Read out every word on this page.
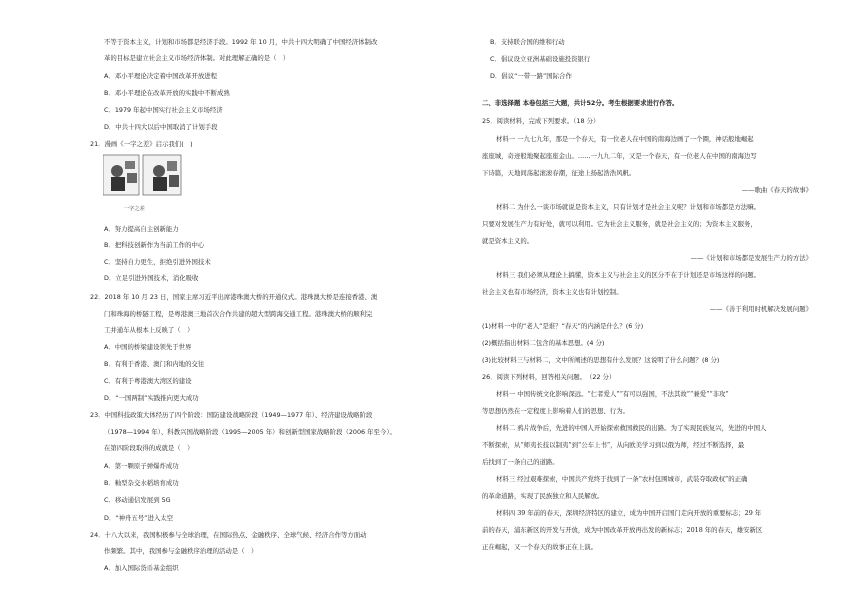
不等于资本主义，计划和市场都是经济手段。1992 年 10 月，中共十四大明确了中国经济体制改
革的目标是建立社会主义市场经济体制。对此理解正确的是（　）
A．邓小平理论决定着中国改革开放进程
B．邓小平理论在改革开放的实践中不断成熟
C．1979 年起中国实行社会主义市场经济
D．中共十四大以后中国取消了计划手段
21．漫画《一字之差》启示我们(　)
一字之差
A．努力提高自主创新能力
B．把科技创新作为当前工作的中心
C．坚持自力更生，拒绝引进外国技术
D．立足引进外国技术，消化吸收
22．2018 年 10 月 23 日，国家主席习近平出席港珠澳大桥的开通仪式。港珠澳大桥是连接香港、澳
门和珠海的桥隧工程，是粤港澳三地首次合作共建的超大型跨海交通工程。港珠澳大桥的顺利完
工并通车从根本上反映了（　）
A．中国的桥梁建设领先于世界
B．有利于香港、澳门和内地的交往
C．有利于粤港澳大湾区的建设
D．“一国两制”实践推向更大成功
23．中国科技政策大体经历了四个阶段：国防建设战略阶段（1949—1977 年）、经济建设战略阶段
（1978—1994 年）、科教兴国战略阶段（1995—2005 年）和创新型国家战略阶段（2006 年至今）。
在第四阶段取得的成就是（　）
A．第一颗原子弹爆炸成功
B．籼型杂交水稻培育成功
C．移动通信发展到 5G
D．“神舟五号”进入太空
24．十八大以来，我国积极参与全球治理，在国际热点、金融秩序、全球气候、经济合作等方面动
作频繁。其中，我国参与金融秩序治理的活动是（　）
A．加入国际货币基金组织
B．支持联合国的维和行动
C．倡议设立亚洲基础设施投资银行
D．倡议“一带一路”国际合作
二、非选择题 本卷包括三大题，共计52分。考生根据要求进行作答。
25．阅读材料，完成下列要求。（18 分）
材料一 一九七九年，那是一个春天，有一位老人在中国的南海边画了一个圈，神话般地崛起
座座城，奇迹般地聚起座座金山。……一九九二年，又是一个春天，有一位老人在中国的南海边写
下诗篇，天地间荡起滚滚春潮，征途上扬起浩浩风帆。
——歌曲《春天的故事》
材料二 为什么一谈市场就说是资本主义，只有计划才是社会主义呢？计划和市场都是方法嘛。
只要对发展生产力有好处，就可以利用。它为社会主义服务，就是社会主义的；为资本主义服务，
就是资本主义的。
——《计划和市场都是发展生产力的方法》
材料三 我们必须从理论上搞懂，资本主义与社会主义的区分不在于计划还是市场这样的问题。
社会主义也有市场经济，资本主义也有计划控制。
——《善于利用时机解决发展问题》
(1)材料一中的“老人”是谁？“春天”的内涵是什么？(6 分)
(2)概括指出材料二包含的基本思想。(4 分)
(3)比较材料三与材料二，文中所阐述的思想有什么发展？这说明了什么问题？(8 分)
26．阅读下列材料，回答相关问题。　（22 分）
材料一 中国传统文化影响深远。“仁者爱人”“有可以强国，不法其故”“兼爱”“非攻”
等思想仍然在一定程度上影响着人们的思想、行为。
材料二 鸦片战争后，先进的中国人开始探索救国救民的出路。为了实现民族复兴，先进的中国人
不断探索，从“师夷长技以制夷”到“公车上书”，从向欧美学习到以俄为师，经过不断选择，最
后找到了一条自己的道路。
材料三 经过艰难探索，中国共产党终于找到了一条“农村包围城市，武装夺取政权”的正确
的革命道路，实现了民族独立和人民解放。
材料四 39 年前的春天，深圳经济特区的建立，成为中国开启国门走向开放的重要标志；29 年
前的春天，浦东新区的开发与开放，成为中国改革开放再出发的新标志；2018 年的春天，雄安新区
正在崛起，又一个春天的故事正在上演。
